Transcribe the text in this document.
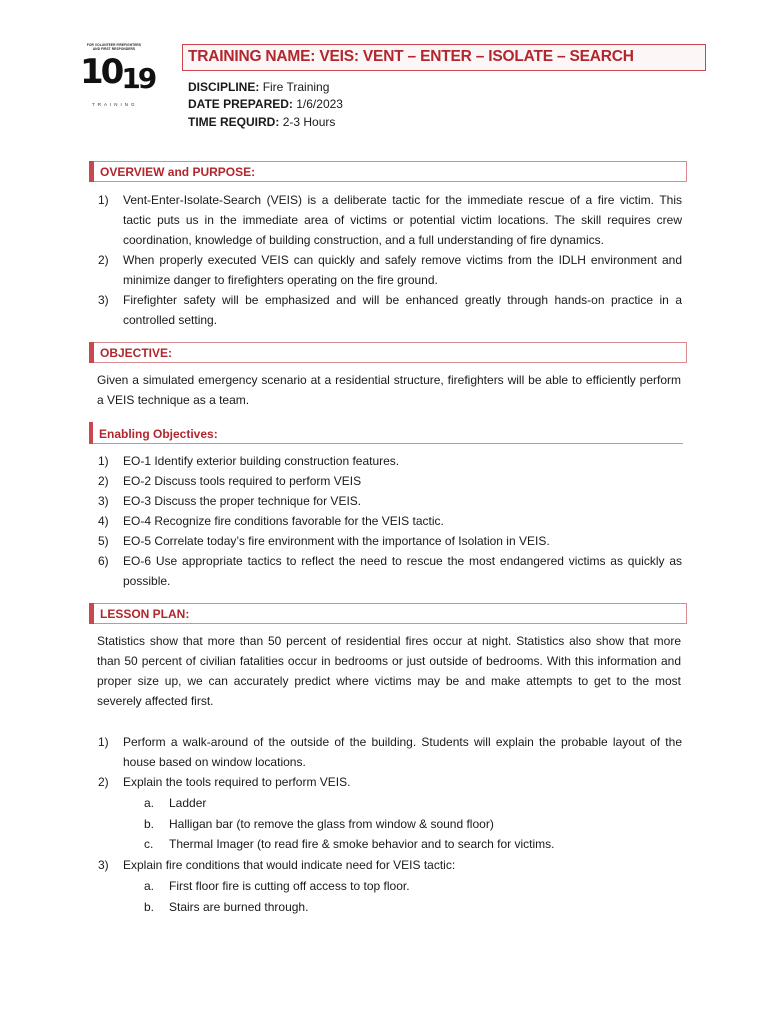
FOR VOLUNTEER FIREFIGHTERS AND FIRST RESPONDERS
1019
TRAINING
TRAINING NAME: VEIS: VENT – ENTER – ISOLATE – SEARCH
DISCIPLINE: Fire Training
DATE PREPARED: 1/6/2023
TIME REQUIRD: 2-3 Hours
OVERVIEW and PURPOSE:
1) Vent-Enter-Isolate-Search (VEIS) is a deliberate tactic for the immediate rescue of a fire victim. This tactic puts us in the immediate area of victims or potential victim locations. The skill requires crew coordination, knowledge of building construction, and a full understanding of fire dynamics.
2) When properly executed VEIS can quickly and safely remove victims from the IDLH environment and minimize danger to firefighters operating on the fire ground.
3) Firefighter safety will be emphasized and will be enhanced greatly through hands-on practice in a controlled setting.
OBJECTIVE:
Given a simulated emergency scenario at a residential structure, firefighters will be able to efficiently perform a VEIS technique as a team.
Enabling Objectives:
1) EO-1 Identify exterior building construction features.
2) EO-2 Discuss tools required to perform VEIS
3) EO-3 Discuss the proper technique for VEIS.
4) EO-4 Recognize fire conditions favorable for the VEIS tactic.
5) EO-5 Correlate today’s fire environment with the importance of Isolation in VEIS.
6) EO-6 Use appropriate tactics to reflect the need to rescue the most endangered victims as quickly as possible.
LESSON PLAN:
Statistics show that more than 50 percent of residential fires occur at night. Statistics also show that more than 50 percent of civilian fatalities occur in bedrooms or just outside of bedrooms. With this information and proper size up, we can accurately predict where victims may be and make attempts to get to the most severely affected first.
1) Perform a walk-around of the outside of the building. Students will explain the probable layout of the house based on window locations.
2) Explain the tools required to perform VEIS.
a. Ladder
b. Halligan bar (to remove the glass from window & sound floor)
c. Thermal Imager (to read fire & smoke behavior and to search for victims.
3) Explain fire conditions that would indicate need for VEIS tactic:
a. First floor fire is cutting off access to top floor.
b. Stairs are burned through.
